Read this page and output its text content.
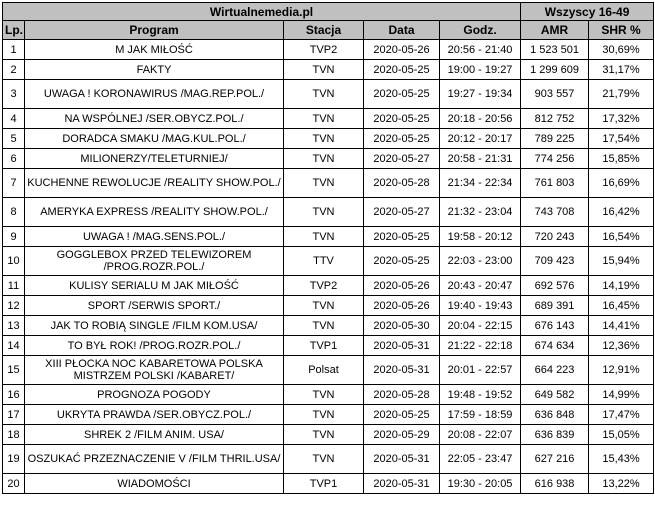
Wirtualnemedia.pl					Wszyscy 16-49	
Lp.	Program	Stacja	Data	Godz.	AMR	SHR %
1	M JAK MIŁOŚĆ	TVP2	2020-05-26	20:56 - 21:40	1 523 501	30,69%
2	FAKTY	TVN	2020-05-25	19:00 - 19:27	1 299 609	31,17%
3	UWAGA ! KORONAWIRUS /MAG.REP.POL./	TVN	2020-05-25	19:27 - 19:34	903 557	21,79%
4	NA WSPÓLNEJ /SER.OBYCZ.POL./	TVN	2020-05-25	20:18 - 20:56	812 752	17,32%
5	DORADCA SMAKU /MAG.KUL.POL./	TVN	2020-05-25	20:12 - 20:17	789 225	17,54%
6	MILIONERZY/TELETURNIEJ/	TVN	2020-05-27	20:58 - 21:31	774 256	15,85%
7	KUCHENNE REWOLUCJE /REALITY SHOW.POL./	TVN	2020-05-28	21:34 - 22:34	761 803	16,69%
8	AMERYKA EXPRESS /REALITY SHOW.POL./	TVN	2020-05-27	21:32 - 23:04	743 708	16,42%
9	UWAGA ! /MAG.SENS.POL./	TVN	2020-05-25	19:58 - 20:12	720 243	16,54%
10	GOGGLEBOX PRZED TELEWIZOREM /PROG.ROZR.POL./	TTV	2020-05-25	22:03 - 23:00	709 423	15,94%
11	KULISY SERIALU M JAK MIŁOŚĆ	TVP2	2020-05-26	20:43 - 20:47	692 576	14,19%
12	SPORT /SERWIS SPORT./	TVN	2020-05-26	19:40 - 19:43	689 391	16,45%
13	JAK TO ROBIĄ SINGLE /FILM KOM.USA/	TVN	2020-05-30	20:04 - 22:15	676 143	14,41%
14	TO BYŁ ROK! /PROG.ROZR.POL./	TVP1	2020-05-31	21:22 - 22:18	674 634	12,36%
15	XIII PŁOCKA NOC KABARETOWA POLSKA MISTRZEM POLSKI /KABARET/	Polsat	2020-05-31	20:01 - 22:57	664 223	12,91%
16	PROGNOZA POGODY	TVN	2020-05-28	19:48 - 19:52	649 582	14,99%
17	UKRYTA PRAWDA /SER.OBYCZ.POL./	TVN	2020-05-25	17:59 - 18:59	636 848	17,47%
18	SHREK 2 /FILM ANIM. USA/	TVN	2020-05-29	20:08 - 22:07	636 839	15,05%
19	OSZUKAĆ PRZEZNACZENIE V /FILM THRIL.USA/	TVN	2020-05-31	22:05 - 23:47	627 216	15,43%
20	WIADOMOŚCI	TVP1	2020-05-31	19:30 - 20:05	616 938	13,22%
